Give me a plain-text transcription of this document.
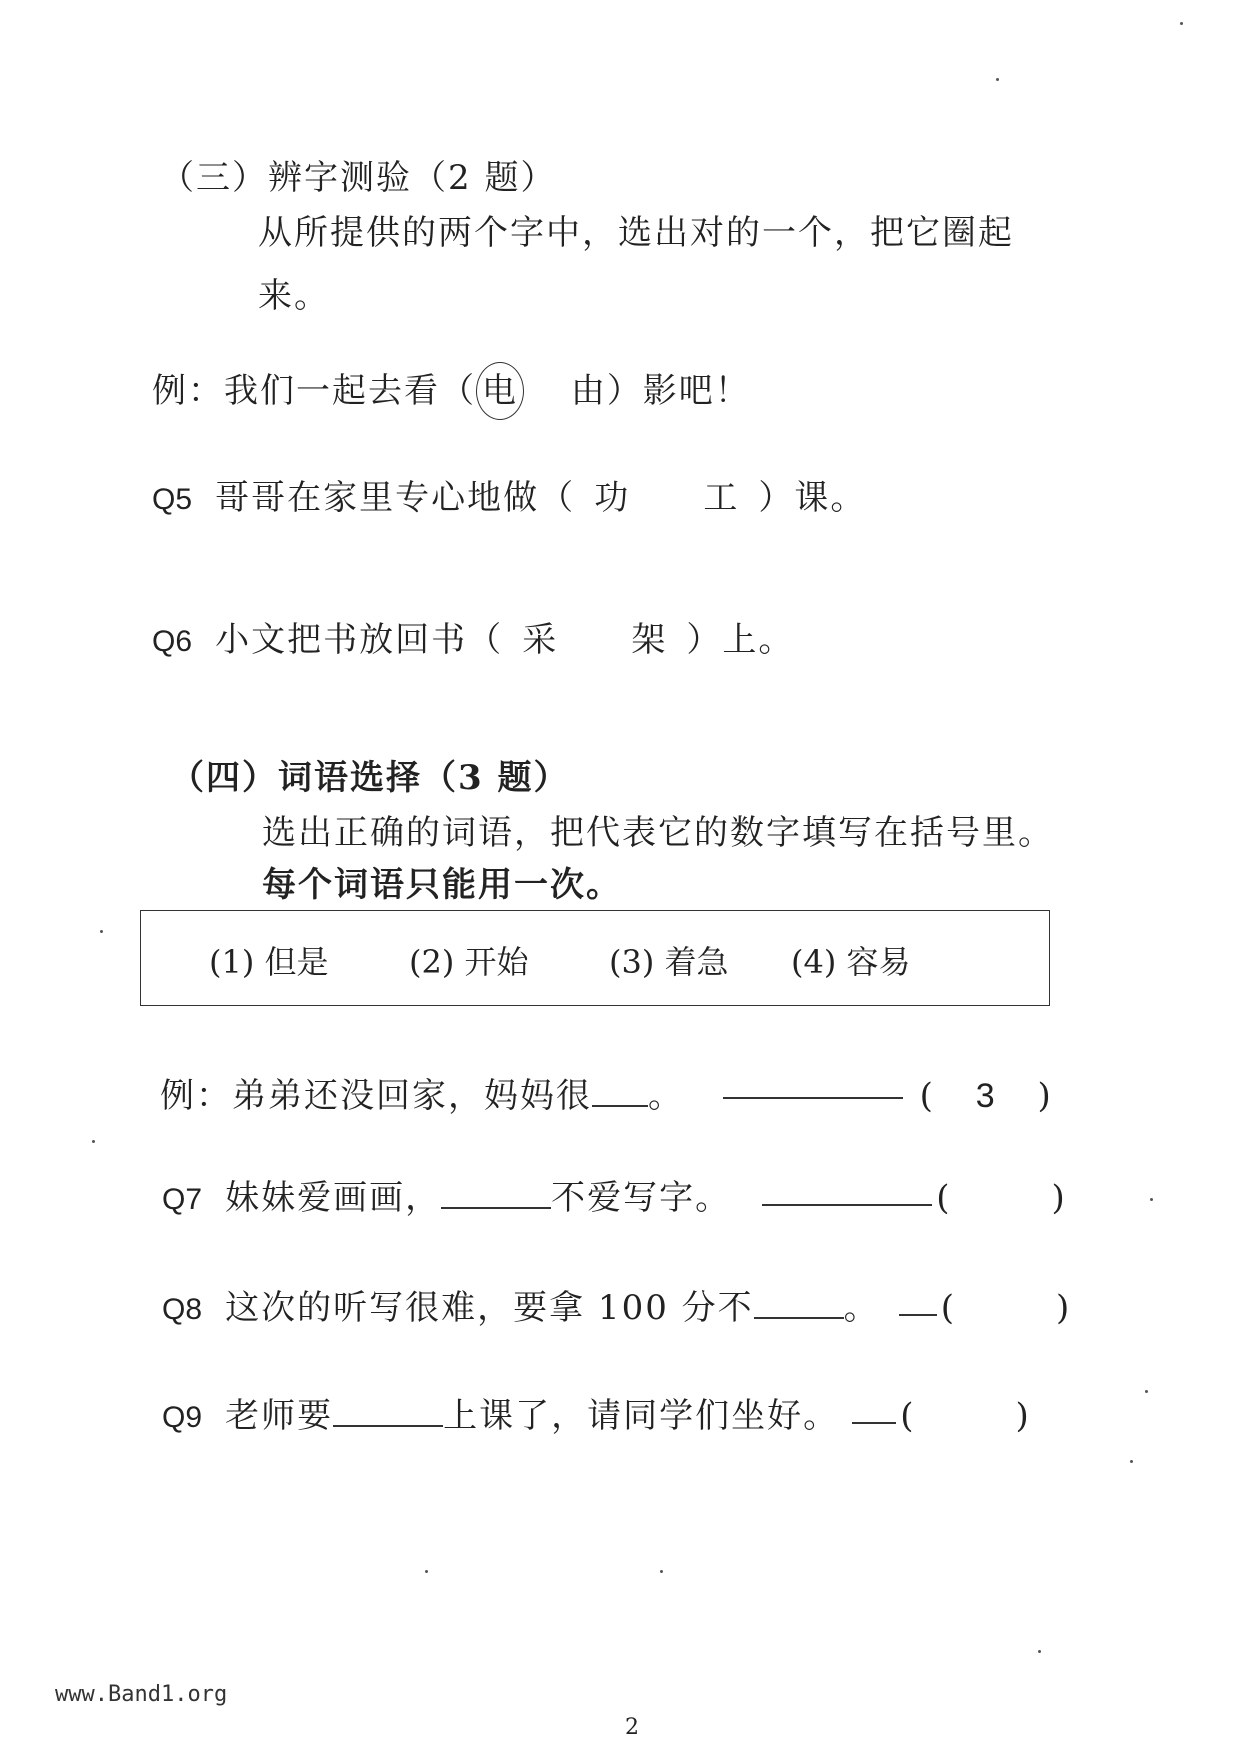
（三）辨字测验（2 题）
从所提供的两个字中，选出对的一个，把它圈起
来。
例：我们一起去看（ 电 由）影吧！
Q5 哥哥在家里专心地做（ 功 工 ）课。
Q6 小文把书放回书（ 采 架 ）上。
（四）词语选择（3 题）
选出正确的词语，把代表它的数字填写在括号里。
每个词语只能用一次。
(1) 但是	(2) 开始	(3) 着急 (4) 容易
例：弟弟还没回家，妈妈很 。	( 3 )
Q7 妹妹爱画画，	不爱写字。	(	)
Q8 这次的听写很难，要拿 100 分不	。 (	)
Q9 老师要	上课了，请同学们坐好。 (	)
www.Band1.org
2
